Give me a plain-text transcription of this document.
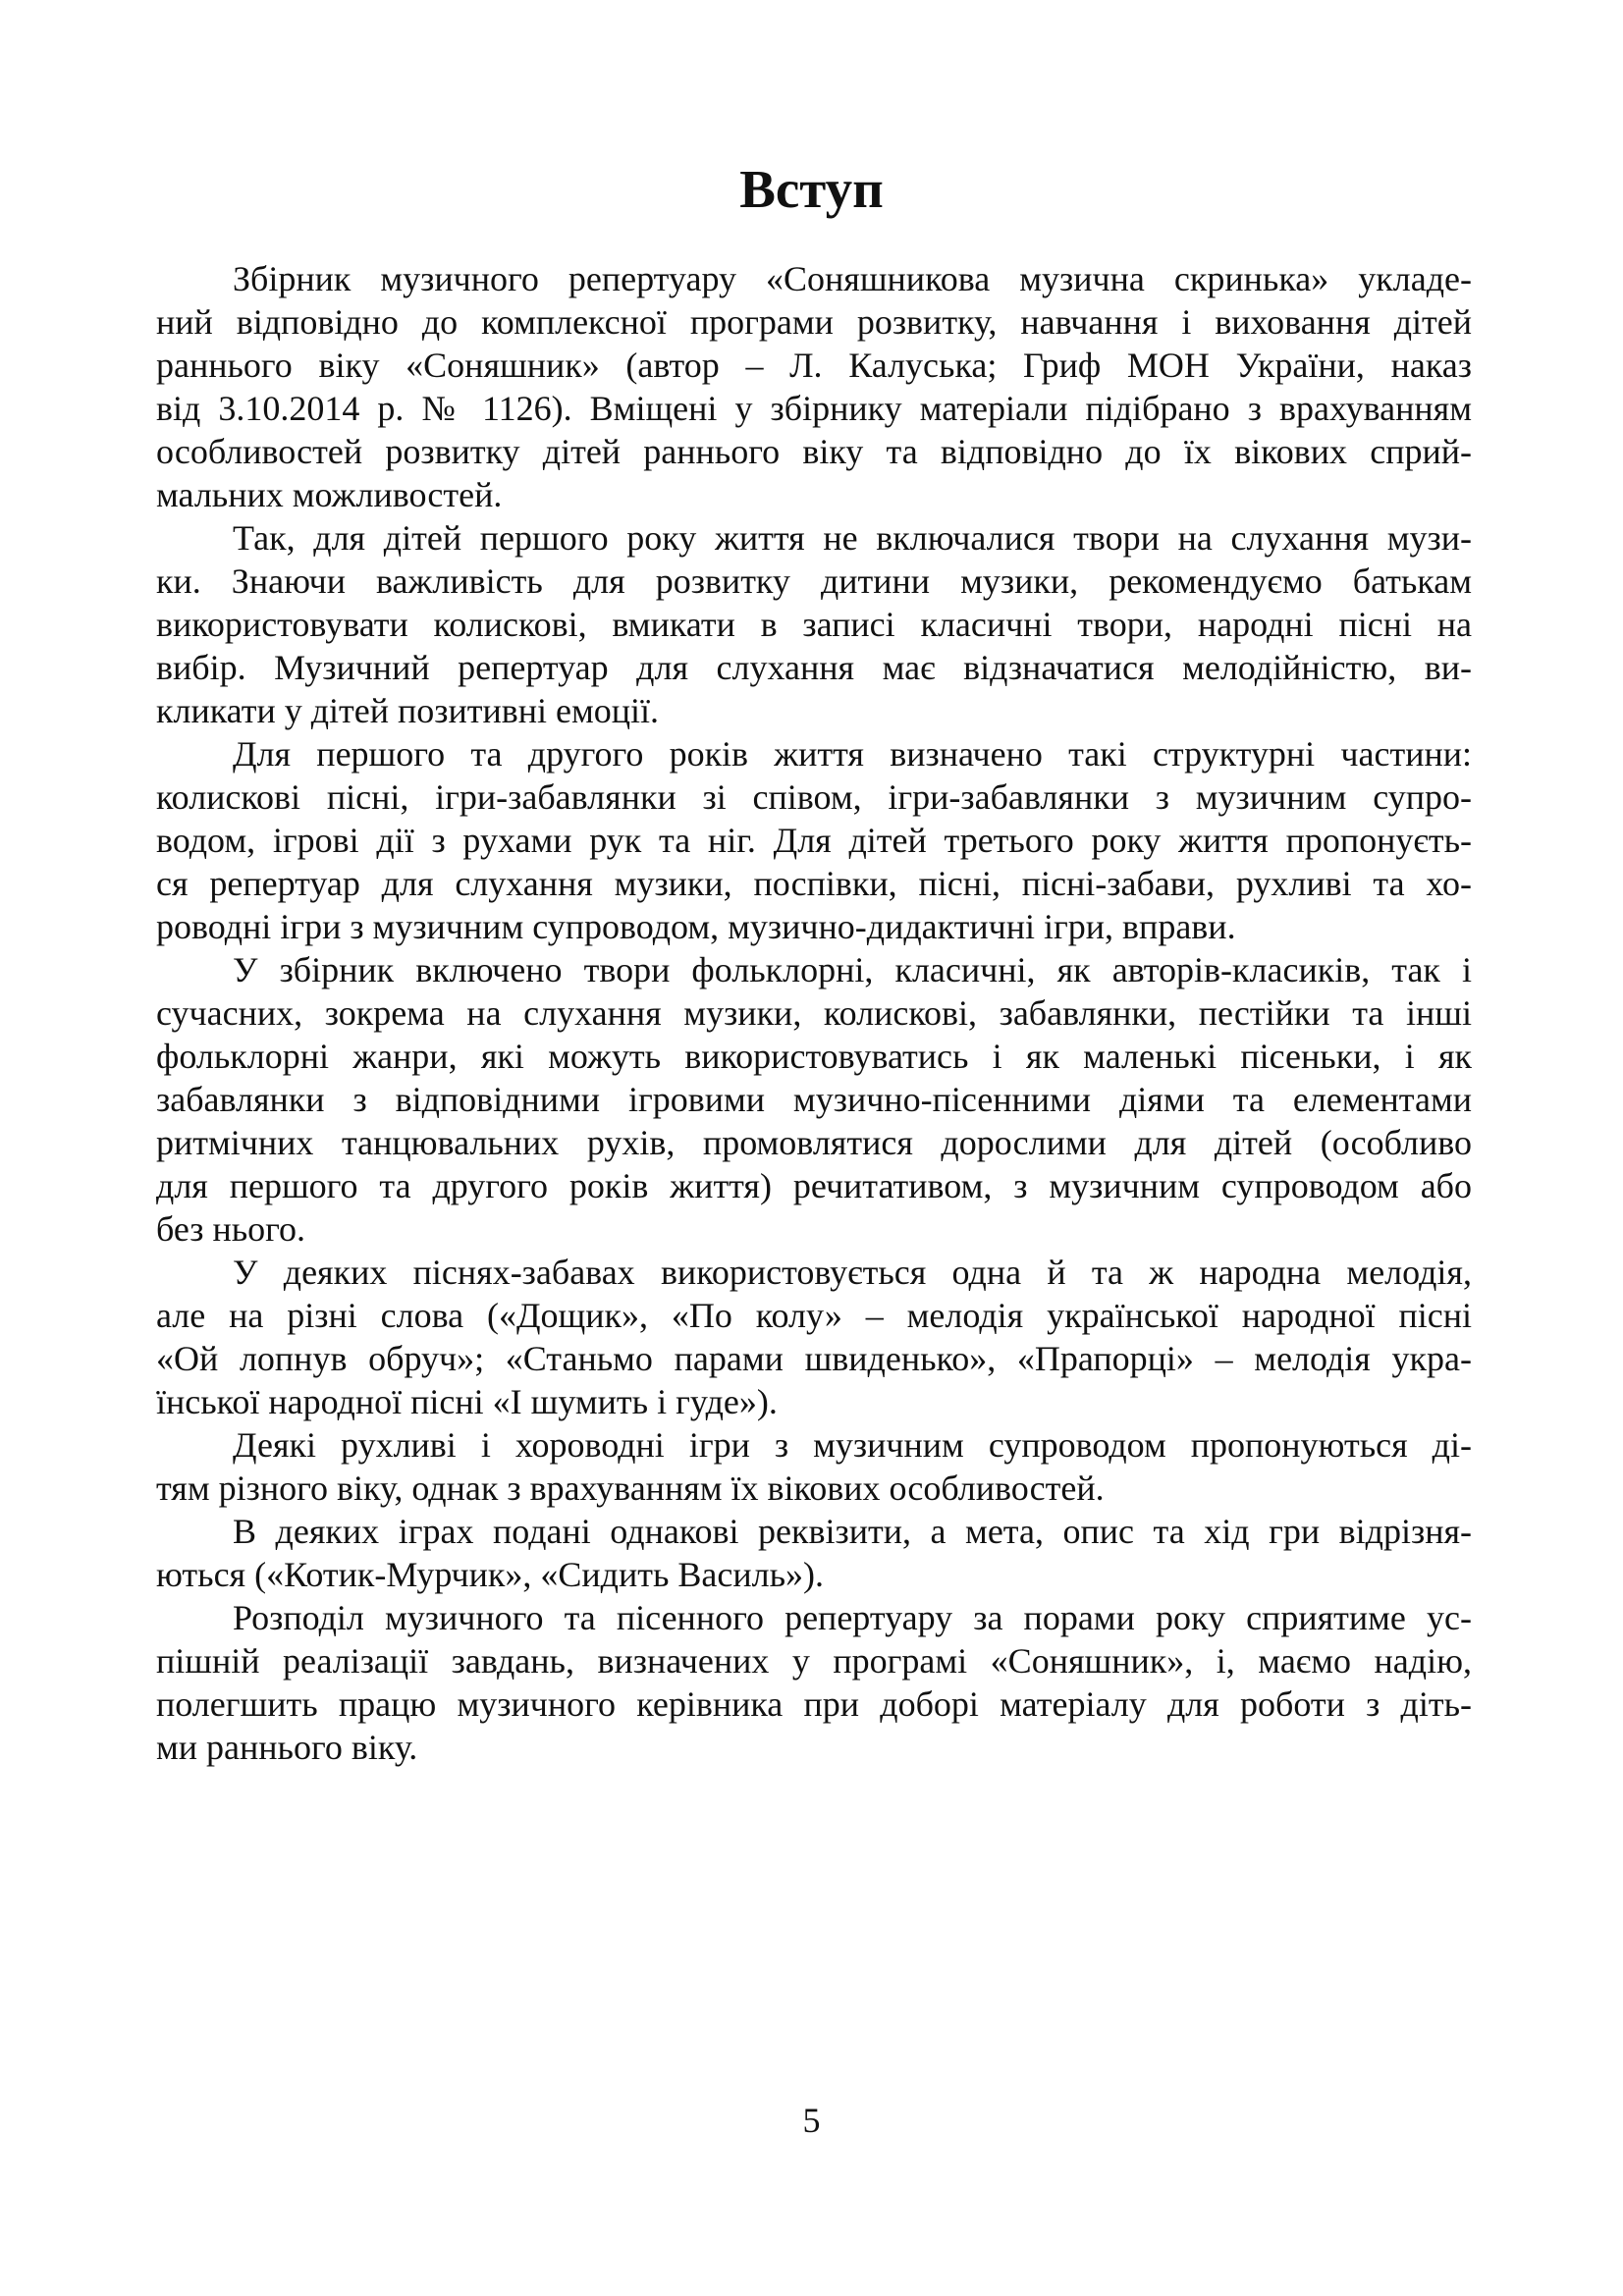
Вступ

Збірник музичного репертуару «Соняшникова музична скринька» укладе-
ний відповідно до комплексної програми розвитку, навчання і виховання дітей
раннього віку «Соняшник» (автор – Л. Калуська; Гриф МОН України, наказ
від 3.10.2014 р. № 1126). Вміщені у збірнику матеріали підібрано з врахуванням
особливостей розвитку дітей раннього віку та відповідно до їх вікових сприй-
мальних можливостей.

Так, для дітей першого року життя не включалися твори на слухання музи-
ки. Знаючи важливість для розвитку дитини музики, рекомендуємо батькам
використовувати колискові, вмикати в записі класичні твори, народні пісні на
вибір. Музичний репертуар для слухання має відзначатися мелодійністю, ви-
кликати у дітей позитивні емоції.

Для першого та другого років життя визначено такі структурні частини:
колискові пісні, ігри-забавлянки зі співом, ігри-забавлянки з музичним супро-
водом, ігрові дії з рухами рук та ніг. Для дітей третього року життя пропонуєть-
ся репертуар для слухання музики, поспівки, пісні, пісні-забави, рухливі та хо-
роводні ігри з музичним супроводом, музично-дидактичні ігри, вправи.

У збірник включено твори фольклорні, класичні, як авторів-класиків, так і
сучасних, зокрема на слухання музики, колискові, забавлянки, пестійки та інші
фольклорні жанри, які можуть використовуватись і як маленькі пісеньки, і як
забавлянки з відповідними ігровими музично-пісенними діями та елементами
ритмічних танцювальних рухів, промовлятися дорослими для дітей (особливо
для першого та другого років життя) речитативом, з музичним супроводом або
без нього.

У деяких піснях-забавах використовується одна й та ж народна мелодія,
але на різні слова («Дощик», «По колу» – мелодія української народної пісні
«Ой лопнув обруч»; «Станьмо парами швиденько», «Прапорці» – мелодія укра-
їнської народної пісні «І шумить і гуде»).

Деякі рухливі і хороводні ігри з музичним супроводом пропонуються ді-
тям різного віку, однак з врахуванням їх вікових особливостей.

В деяких іграх подані однакові реквізити, а мета, опис та хід гри відрізня-
ються («Котик-Мурчик», «Сидить Василь»).

Розподіл музичного та пісенного репертуару за порами року сприятиме ус-
пішній реалізації завдань, визначених у програмі «Соняшник», і, маємо надію,
полегшить працю музичного керівника при доборі матеріалу для роботи з діть-
ми раннього віку.

5
